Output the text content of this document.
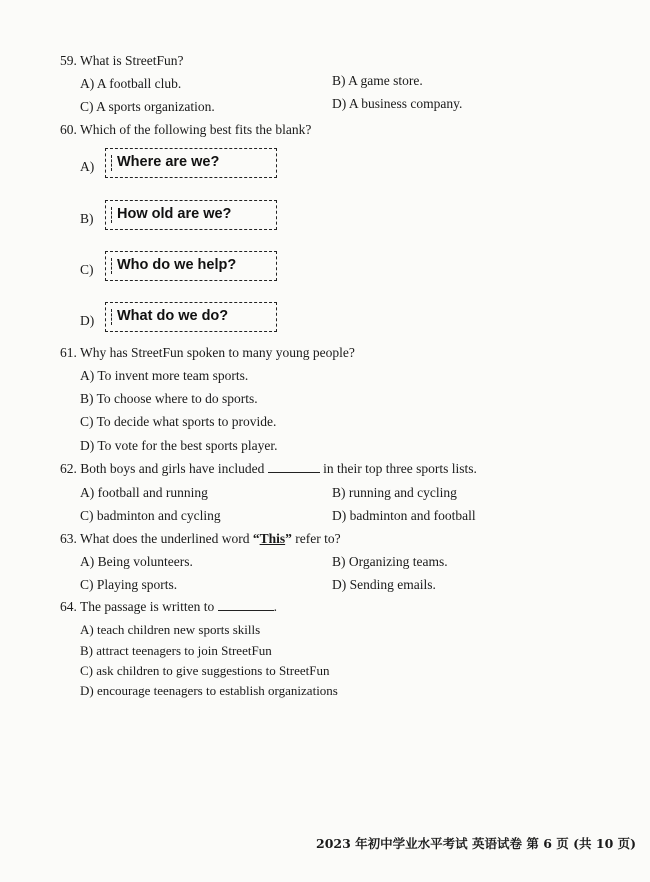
59. What is StreetFun?
A) A football club.	B) A game store.
C) A sports organization.	D) A business company.
60. Which of the following best fits the blank?
A) Where are we?
B) How old are we?
C) Who do we help?
D) What do we do?
61. Why has StreetFun spoken to many young people?
A) To invent more team sports.
B) To choose where to do sports.
C) To decide what sports to provide.
D) To vote for the best sports player.
62. Both boys and girls have included	in their top three sports lists.
A) football and running	B) running and cycling
C) badminton and cycling	D) badminton and football
63. What does the underlined word “This” refer to?
A) Being volunteers.	B) Organizing teams.
C) Playing sports.	D) Sending emails.
64. The passage is written to	.
A) teach children new sports skills
B) attract teenagers to join StreetFun
C) ask children to give suggestions to StreetFun
D) encourage teenagers to establish organizations
2023 年初中学业水平考试 英语试卷 第 6 页 (共 10 页)
